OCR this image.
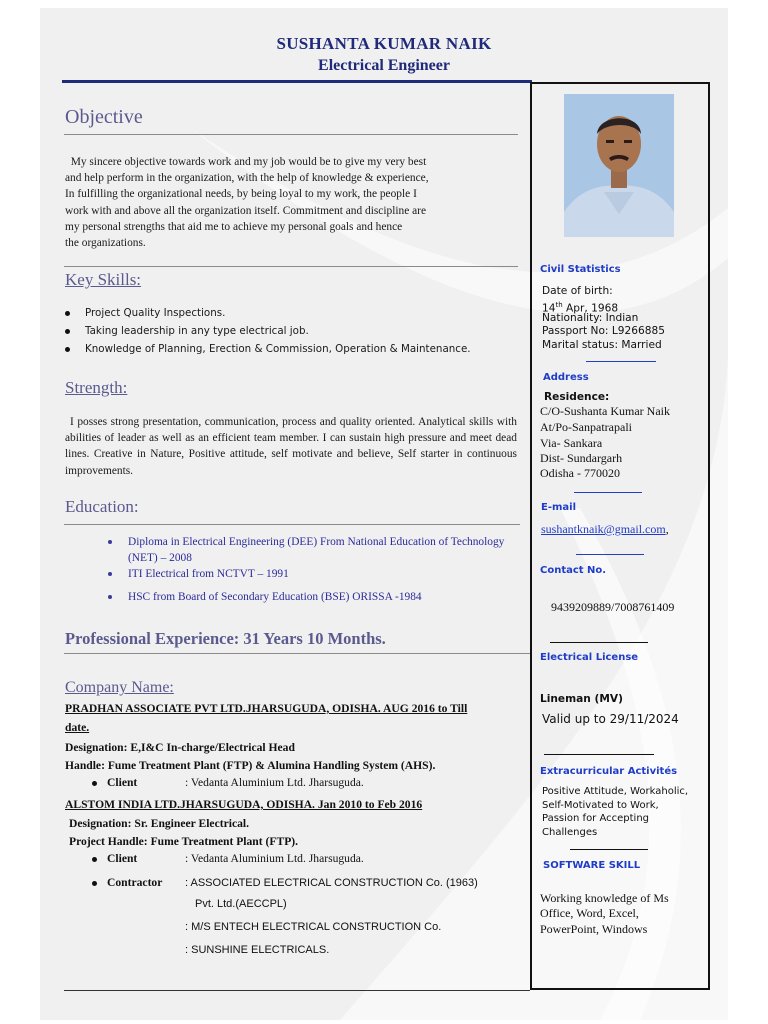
SUSHANTA KUMAR NAIK
Electrical Engineer
Objective
My sincere objective towards work and my job would be to give my very best
and help perform in the organization, with the help of knowledge & experience,
In fulfilling the organizational needs, by being loyal to my work, the people I
work with and above all the organization itself. Commitment and discipline are
my personal strengths that aid me to achieve my personal goals and hence
the organizations.
Key Skills:
Project Quality Inspections.
Taking leadership in any type electrical job.
Knowledge of Planning, Erection & Commission, Operation & Maintenance.
Strength:
I posses strong presentation, communication, process and quality oriented. Analytical skills with abilities of leader as well as an efficient team member. I can sustain high pressure and meet dead lines. Creative in Nature, Positive attitude, self motivate and believe, Self starter in continuous improvements.
Education:
Diploma in Electrical Engineering (DEE) From National Education of Technology (NET) – 2008
ITI Electrical from NCTVT – 1991
HSC from Board of Secondary Education (BSE) ORISSA -1984
Professional Experience: 31 Years 10 Months.
Company Name:
PRADHAN ASSOCIATE PVT LTD.JHARSUGUDA, ODISHA. AUG 2016 to Till
date.
Designation: E,I&C In-charge/Electrical Head
Handle: Fume Treatment Plant (FTP) & Alumina Handling System (AHS).
Client	: Vedanta Aluminium Ltd. Jharsuguda.
ALSTOM INDIA LTD.JHARSUGUDA, ODISHA. Jan 2010 to Feb 2016
Designation: Sr. Engineer Electrical.
Project Handle: Fume Treatment Plant (FTP).
Client	: Vedanta Aluminium Ltd. Jharsuguda.
Contractor : ASSOCIATED ELECTRICAL CONSTRUCTION Co. (1963)
Pvt. Ltd.(AECCPL)
: M/S ENTECH ELECTRICAL CONSTRUCTION Co.
: SUNSHINE ELECTRICALS.
Civil Statistics
Date of birth:
14th Apr, 1968
Nationality: Indian
Passport No: L9266885
Marital status: Married
Address
Residence:
C/O-Sushanta Kumar Naik
At/Po-Sanpatrapali
Via- Sankara
Dist- Sundargarh
Odisha - 770020
E-mail
sushantknaik@gmail.com,
Contact No.
9439209889/7008761409
Electrical License
Lineman (MV)
Valid up to 29/11/2024
Extracurricular Activités
Positive Attitude, Workaholic,
Self-Motivated to Work,
Passion for Accepting
Challenges
SOFTWARE SKILL
Working knowledge of Ms
Office, Word, Excel,
PowerPoint, Windows
